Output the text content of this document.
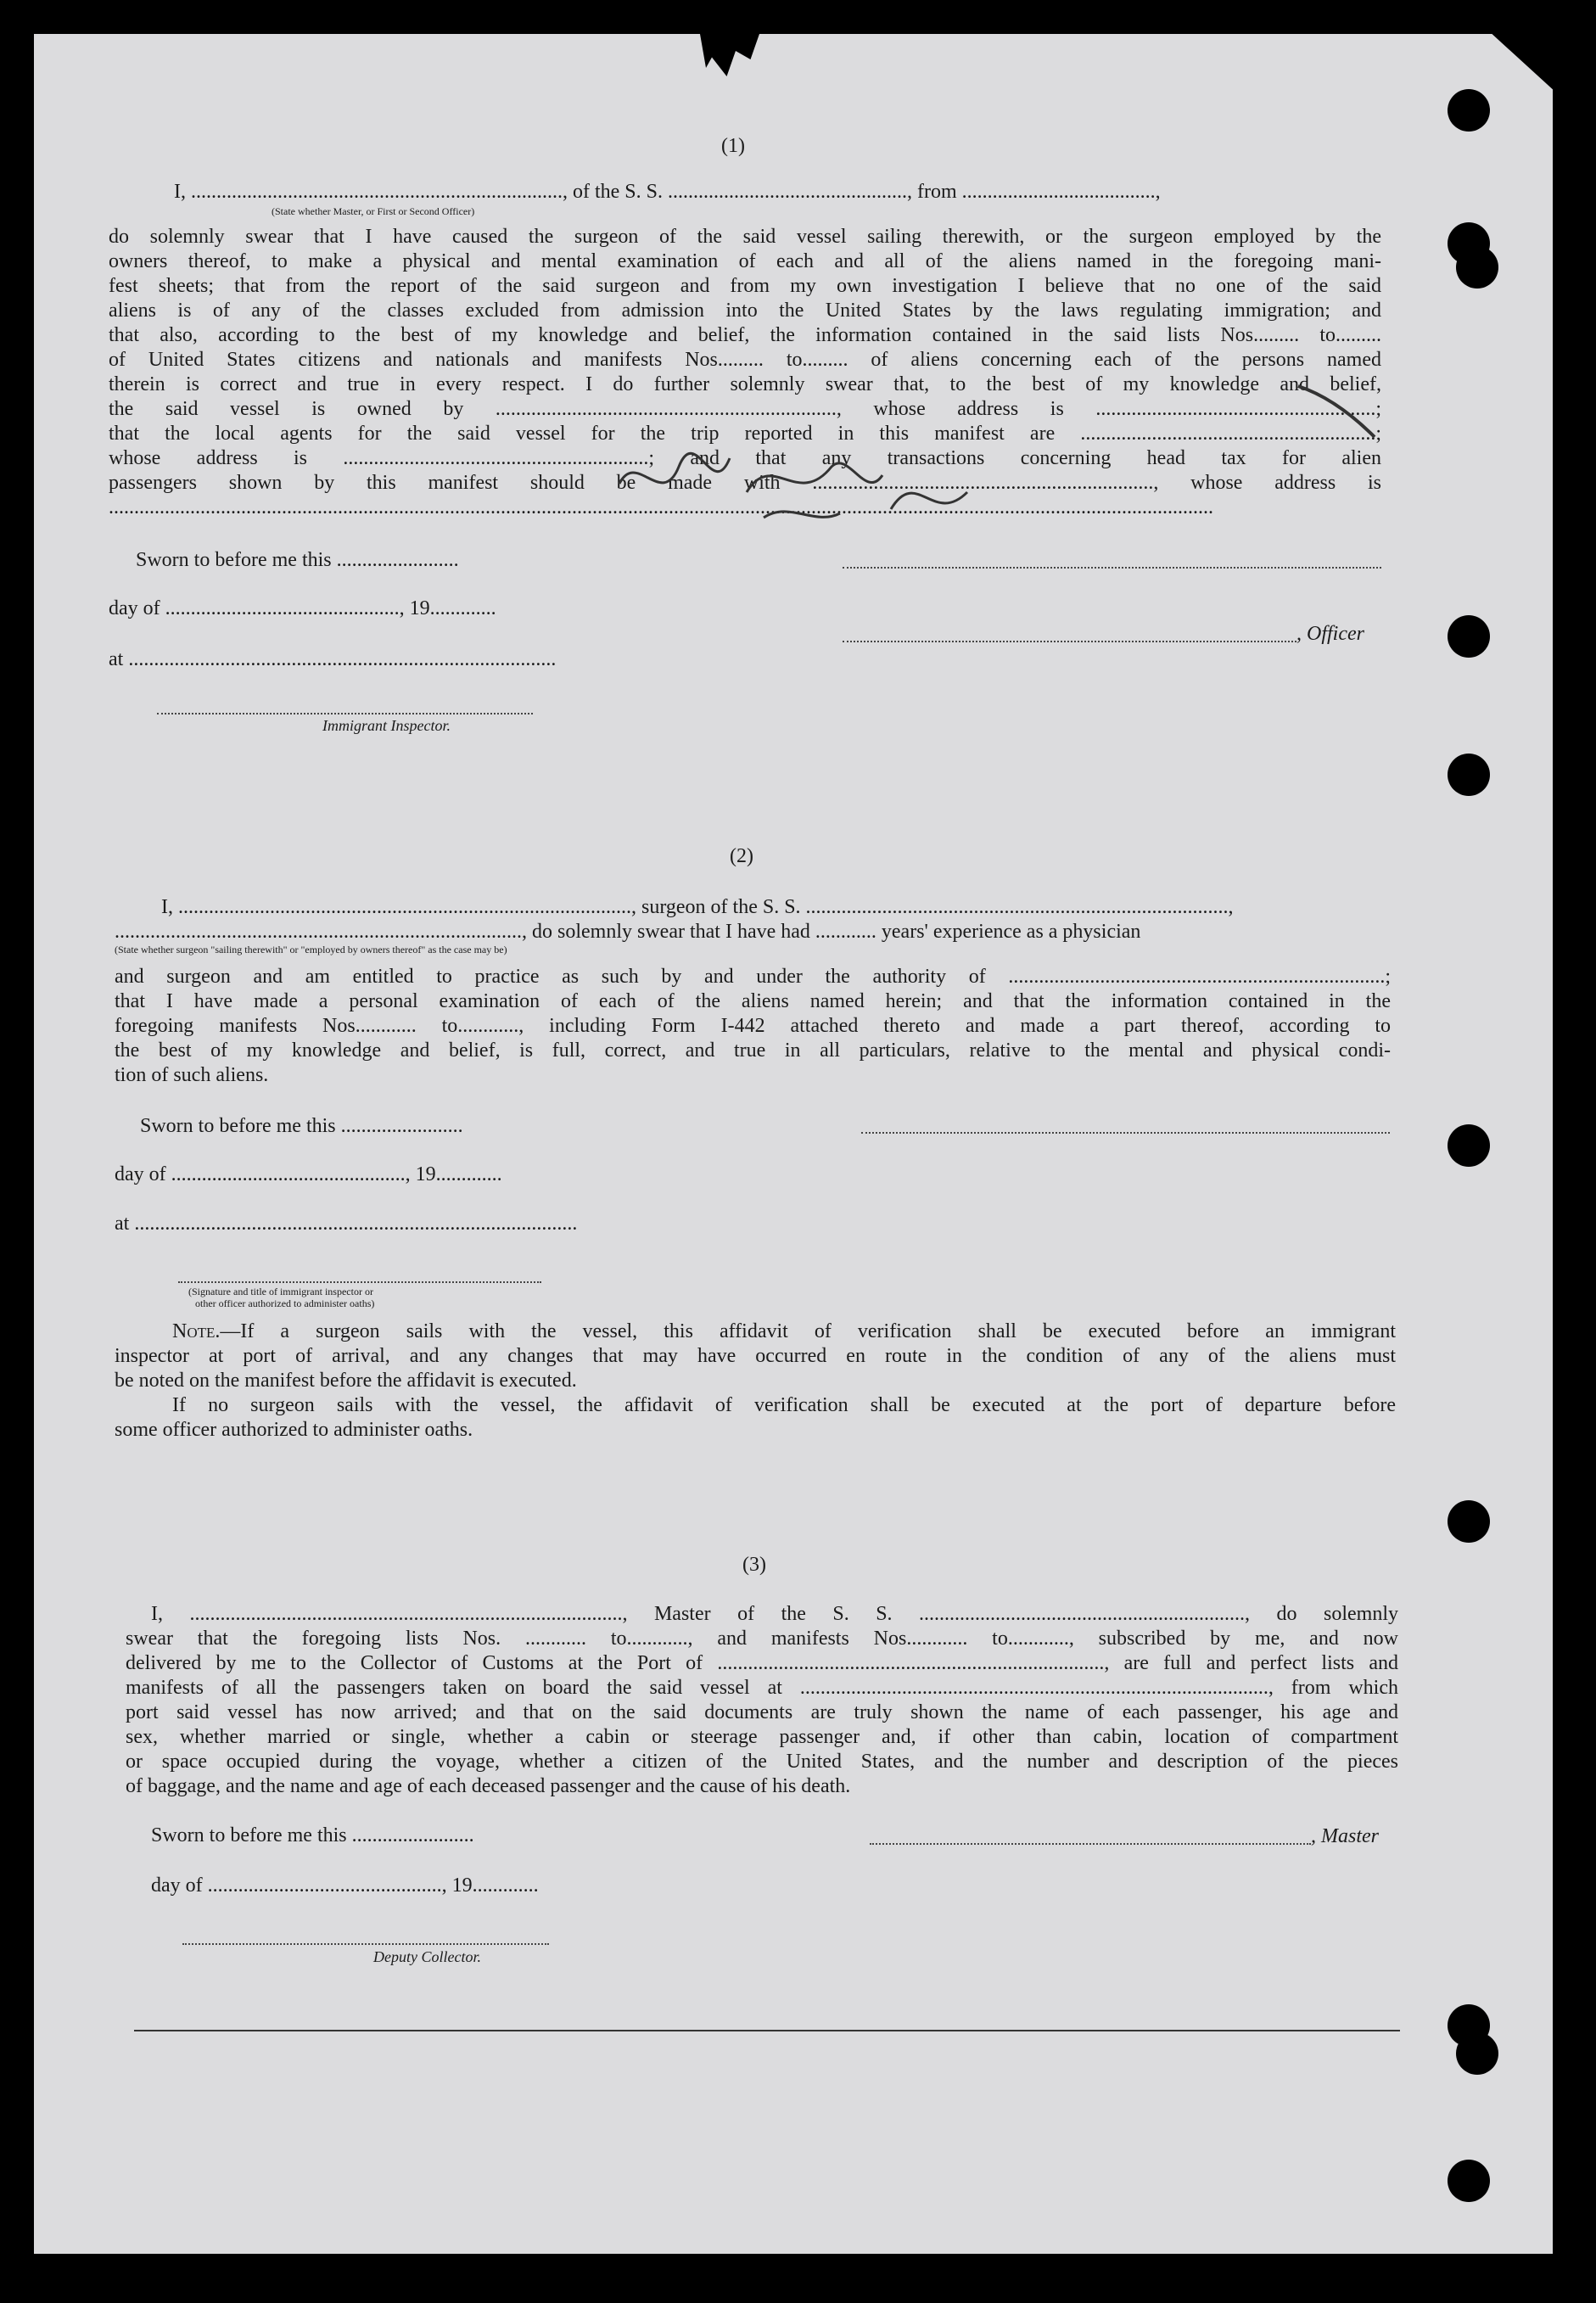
(1)
I, ........................................................................., of the S. S. ..............................................., from ......................................,
(State whether Master, or First or Second Officer)

do solemnly swear that I have caused the surgeon of the said vessel sailing therewith, or the surgeon employed by the

owners thereof, to make a physical and mental examination of each and all of the aliens named in the foregoing mani-

fest sheets; that from the report of the said surgeon and from my own investigation I believe that no one of the said

aliens is of any of the classes excluded from admission into the United States by the laws regulating immigration; and

that also, according to the best of my knowledge and belief, the information contained in the said lists Nos......... to.........

of United States citizens and nationals and manifests Nos......... to......... of aliens concerning each of the persons named

therein is correct and true in every respect. I do further solemnly swear that, to the best of my knowledge and belief,

the said vessel is owned by ..................................................................., whose address is .......................................................;

that the local agents for the said vessel for the trip reported in this manifest are ..........................................................;

whose address is ............................................................; and that any transactions concerning head tax for alien

passengers shown by this manifest should be made with ..................................................................., whose address is

.........................................................................................................................................................................................................................

Sworn to before me this ........................
day of .............................................., 19.............
, Officer
at ....................................................................................
Immigrant Inspector.
(2)
I, ........................................................................................., surgeon of the S. S. ...................................................................................,
................................................................................, do solemnly swear that I have had ............ years' experience as a physician
(State whether surgeon "sailing therewith" or "employed by owners thereof" as the case may be)

and surgeon and am entitled to practice as such by and under the authority of ..........................................................................;

that I have made a personal examination of each of the aliens named herein; and that the information contained in the

foregoing manifests Nos............ to............, including Form I-442 attached thereto and made a part thereof, according to

the best of my knowledge and belief, is full, correct, and true in all particulars, relative to the mental and physical condi-

tion of such aliens.

Sworn to before me this ........................
day of .............................................., 19.............
at .......................................................................................
(Signature and title of immigrant inspector or
other officer authorized to administer oaths)

Note.—If a surgeon sails with the vessel, this affidavit of verification shall be executed before an immigrant

inspector at port of arrival, and any changes that may have occurred en route in the condition of any of the aliens must

be noted on the manifest before the affidavit is executed.

If no surgeon sails with the vessel, the affidavit of verification shall be executed at the port of departure before

some officer authorized to administer oaths.

(3)

I, ....................................................................................., Master of the S. S. ................................................................, do solemnly

swear that the foregoing lists Nos. ............ to............, and manifests Nos............ to............, subscribed by me, and now

delivered by me to the Collector of Customs at the Port of ............................................................................, are full and perfect lists and

manifests of all the passengers taken on board the said vessel at ............................................................................................, from which

port said vessel has now arrived; and that on the said documents are truly shown the name of each passenger, his age and

sex, whether married or single, whether a cabin or steerage passenger and, if other than cabin, location of compartment

or space occupied during the voyage, whether a citizen of the United States, and the number and description of the pieces

of baggage, and the name and age of each deceased passenger and the cause of his death.

Sworn to before me this ........................	, Master
day of .............................................., 19.............
Deputy Collector.
